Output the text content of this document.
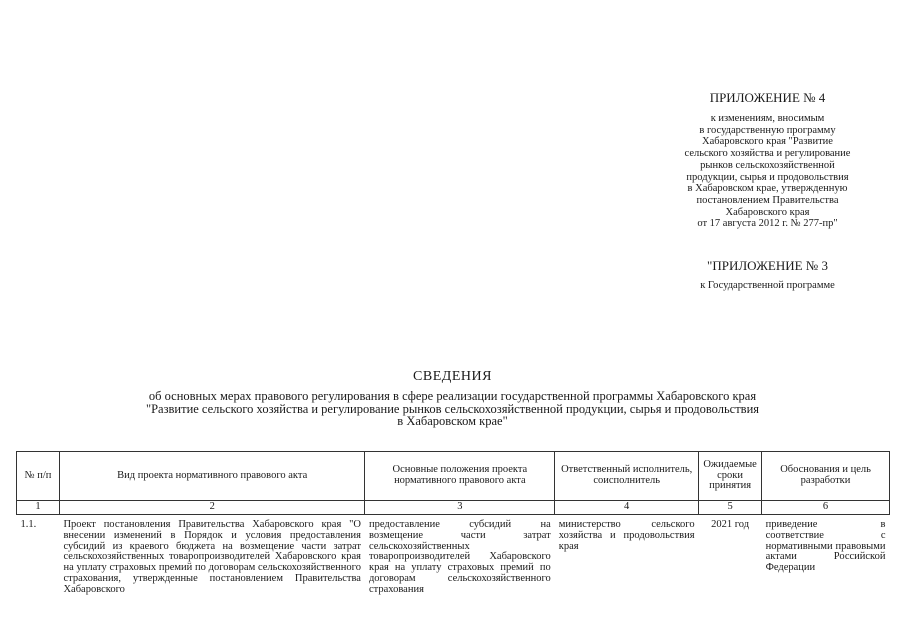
ПРИЛОЖЕНИЕ № 4
к изменениям, вносимым
в государственную программу
Хабаровского края "Развитие
сельского хозяйства и регулирование
рынков сельскохозяйственной
продукции, сырья и продовольствия
в Хабаровском крае, утвержденную
постановлением Правительства
Хабаровского края
от 17 августа 2012 г. № 277-пр"
"ПРИЛОЖЕНИЕ № 3
к Государственной программе
СВЕДЕНИЯ
об основных мерах правового регулирования в сфере реализации государственной программы Хабаровского края
"Развитие сельского хозяйства и регулирование рынков сельскохозяйственной продукции, сырья и продовольствия
в Хабаровском крае"
№ п/п	Вид проекта нормативного правового акта	Основные положения проекта нормативного правового акта	Ответственный исполнитель, соисполнитель	Ожидаемые сроки принятия	Обоснования и цель разработки
1	2	3	4	5	6
1.1.	Проект постановления Правительства Хабаровского края "О внесении изменений в Порядок и условия предоставления субсидий из краевого бюджета на возмещение части затрат сельскохозяйственных товаропроизводителей Хабаровского края на уплату страховых премий по договорам сельскохозяйственного страхования, утвержденные постановлением Правительства Хабаровского	предоставление субсидий на возмещение части затрат сельскохозяйственных товаропроизводителей Хабаровского края на уплату страховых премий по договорам сельскохозяйственного страхования	министерство сельского хозяйства и продовольствия края	2021 год	приведение в соответствие с нормативными правовыми актами Российской Федерации
